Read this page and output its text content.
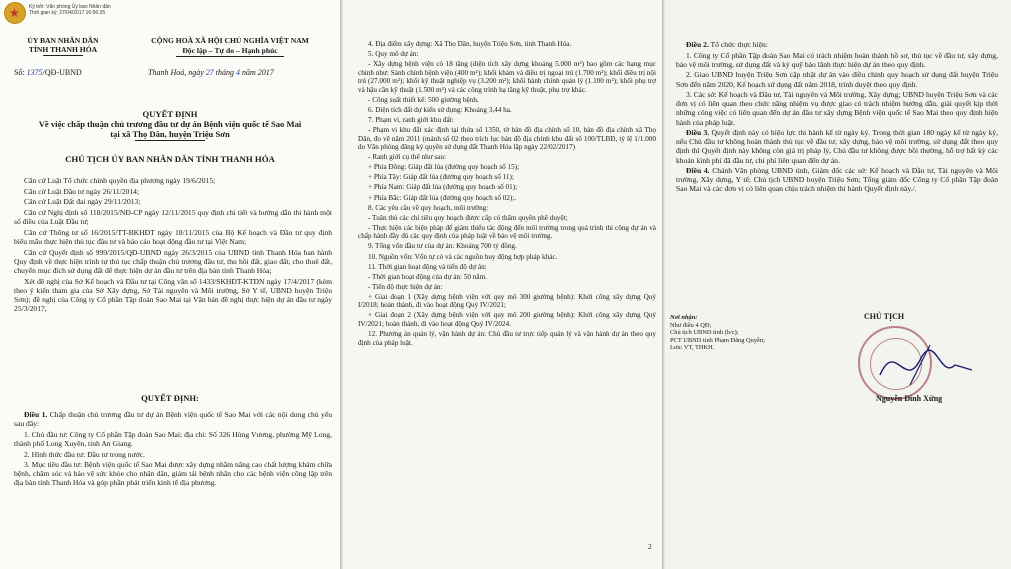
★ Ký bởi: Văn phòng Ủy ban Nhân dân
Thời gian ký: 27/04/2017 16:56:25
ỦY BAN NHÂN DÂN
TỈNH THANH HÓA
CỘNG HOÀ XÃ HỘI CHỦ NGHĨA VIỆT NAM
Độc lập – Tự do – Hạnh phúc
Số: 1375/QĐ-UBND	Thanh Hoá, ngày 27 tháng 4 năm 2017
QUYẾT ĐỊNH
Về việc chấp thuận chủ trương đầu tư dự án Bệnh viện quốc tế Sao Mai
tại xã Thọ Dân, huyện Triệu Sơn
CHỦ TỊCH ỦY BAN NHÂN DÂN TỈNH THANH HÓA

Căn cứ Luật Tổ chức chính quyền địa phương ngày 19/6/2015;

Căn cứ Luật Đầu tư ngày 26/11/2014;

Căn cứ Luật Đất đai ngày 29/11/2013;

Căn cứ Nghị định số 118/2015/NĐ-CP ngày 12/11/2015 quy định chi tiết và hướng dẫn thi hành một số điều của Luật Đầu tư;

Căn cứ Thông tư số 16/2015/TT-BKHĐT ngày 18/11/2015 của Bộ Kế hoạch và Đầu tư quy định biểu mẫu thực hiện thủ tục đầu tư và báo cáo hoạt động đầu tư tại Việt Nam;

Căn cứ Quyết định số 999/2015/QĐ-UBND ngày 26/3/2015 của UBND tỉnh Thanh Hóa ban hành Quy định về thực hiện trình tự thủ tục chấp thuận chủ trương đầu tư, thu hồi đất, giao đất, cho thuê đất, chuyển mục đích sử dụng đất để thực hiện dự án đầu tư trên địa bàn tỉnh Thanh Hóa;

Xét đề nghị của Sở Kế hoạch và Đầu tư tại Công văn số 1433/SKHĐT-KTĐN ngày 17/4/2017 (kèm theo ý kiến tham gia của Sở Xây dựng, Sở Tài nguyên và Môi trường, Sở Y tế, UBND huyện Triệu Sơn); đề nghị của Công ty Cổ phần Tập đoàn Sao Mai tại Văn bản đề nghị thực hiện dự án đầu tư ngày 25/3/2017,

QUYẾT ĐỊNH:

Điều 1. Chấp thuận chủ trương đầu tư dự án Bệnh viện quốc tế Sao Mai với các nội dung chủ yếu sau đây:

1. Chủ đầu tư: Công ty Cổ phần Tập đoàn Sao Mai; địa chỉ: Số 326 Hùng Vương, phường Mỹ Long, thành phố Long Xuyên, tỉnh An Giang.

2. Hình thức đầu tư: Đầu tư trong nước.

3. Mục tiêu đầu tư: Bệnh viện quốc tế Sao Mai được xây dựng nhằm nâng cao chất lượng khám chữa bệnh, chăm sóc và bảo vệ sức khỏe cho nhân dân, giảm tải bệnh nhân cho các bệnh viện công lập trên địa bàn tỉnh Thanh Hóa và góp phần phát triển kinh tế địa phương.

4. Địa điểm xây dựng: Xã Thọ Dân, huyện Triệu Sơn, tỉnh Thanh Hóa.

5. Quy mô dự án:

- Xây dựng bệnh viện có 18 tầng (diện tích xây dựng khoảng 5.000 m²) bao gồm các hạng mục chính như: Sảnh chính bệnh viện (400 m²); khối khám và điều trị ngoại trú (1.700 m²); khối điều trị nội trú (27.000 m²); khối kỹ thuật nghiệp vụ (3.200 m²); khối hành chính quản lý (1.100 m²); khối phụ trợ và hậu cần kỹ thuật (1.500 m²) và các công trình hạ tầng kỹ thuật, phụ trợ khác.

- Công suất thiết kế: 500 giường bệnh.

6. Diện tích đất dự kiến sử dụng: Khoảng 3,44 ha.

7. Phạm vi, ranh giới khu đất:

- Phạm vi khu đất xác định tại thửa số 1350, tờ bản đồ địa chính số 10, bản đồ địa chính xã Thọ Dân, đo vẽ năm 2011 (mảnh số 02 theo trích lục bản đồ địa chính khu đất số 100/TLBĐ, tỷ lệ 1/1.000 do Văn phòng đăng ký quyền sử dụng đất Thanh Hóa lập ngày 22/02/2017)

- Ranh giới cụ thể như sau:

+ Phía Đông: Giáp đất lúa (đường quy hoạch số 15);

+ Phía Tây: Giáp đất lúa (đường quy hoạch số 11);

+ Phía Nam: Giáp đất lúa (đường quy hoạch số 01);

+ Phía Bắc: Giáp đất lúa (đường quy hoạch số 02);.

8. Các yêu cầu về quy hoạch, môi trường:

- Tuân thủ các chỉ tiêu quy hoạch được cấp có thẩm quyền phê duyệt;

- Thực hiện các biện pháp để giảm thiểu tác động đến môi trường trong quá trình thi công dự án và chấp hành đầy đủ các quy định của pháp luật về bảo vệ môi trường.

9. Tổng vốn đầu tư của dự án: Khoảng 700 tỷ đồng.

10. Nguồn vốn: Vốn tự có và các nguồn huy động hợp pháp khác.

11. Thời gian hoạt động và tiến độ dự án:

- Thời gian hoạt động của dự án: 50 năm.

- Tiến độ thực hiện dự án:

+ Giai đoạn 1 (Xây dựng bệnh viện với quy mô 300 giường bệnh): Khởi công xây dựng Quý I/2018; hoàn thành, đi vào hoạt động Quý IV/2021;

+ Giai đoạn 2 (Xây dựng bệnh viện với quy mô 200 giường bệnh): Khởi công xây dựng Quý IV/2021; hoàn thành, đi vào hoạt động Quý IV/2024.

12. Phương án quản lý, vận hành dự án: Chủ đầu tư trực tiếp quản lý và vận hành dự án theo quy định của pháp luật.

2

Điều 2. Tổ chức thực hiện:

1. Công ty Cổ phần Tập đoàn Sao Mai có trách nhiệm hoàn thành hồ sơ, thủ tục về đầu tư, xây dựng, bảo vệ môi trường, sử dụng đất và ký quỹ bảo lãnh thực hiện dự án theo quy định.

2. Giao UBND huyện Triệu Sơn cập nhật dự án vào điều chỉnh quy hoạch sử dụng đất huyện Triệu Sơn đến năm 2020, Kế hoạch sử dụng đất năm 2018, trình duyệt theo quy định.

3. Các sở: Kế hoạch và Đầu tư, Tài nguyên và Môi trường, Xây dựng; UBND huyện Triệu Sơn và các đơn vị có liên quan theo chức năng nhiệm vụ được giao có trách nhiệm hướng dẫn, giải quyết kịp thời những công việc có liên quan đến dự án đầu tư xây dựng Bệnh viện quốc tế Sao Mai theo quy định hiện hành của pháp luật.

Điều 3. Quyết định này có hiệu lực thi hành kể từ ngày ký. Trong thời gian 180 ngày kể từ ngày ký, nếu Chủ đầu tư không hoàn thành thủ tục về đầu tư, xây dựng, bảo vệ môi trường, sử dụng đất theo quy định thì Quyết định này không còn giá trị pháp lý, Chủ đầu tư không được bồi thường, hỗ trợ bất kỳ các khoản kinh phí đã đầu tư, chi phí liên quan đến dự án.

Điều 4. Chánh Văn phòng UBND tỉnh, Giám đốc các sở: Kế hoạch và Đầu tư, Tài nguyên và Môi trường, Xây dựng, Y tế; Chủ tịch UBND huyện Triệu Sơn; Tổng giám đốc Công ty Cổ phần Tập đoàn Sao Mai và các đơn vị có liên quan chịu trách nhiệm thi hành Quyết định này./.

Nơi nhận:
Như điều 4 QĐ;
Chủ tịch UBND tỉnh (b/c);
PCT UBND tỉnh Phạm Đăng Quyền;
Lưu: VT, THKH.
CHỦ TỊCH
Nguyễn Đình Xứng
